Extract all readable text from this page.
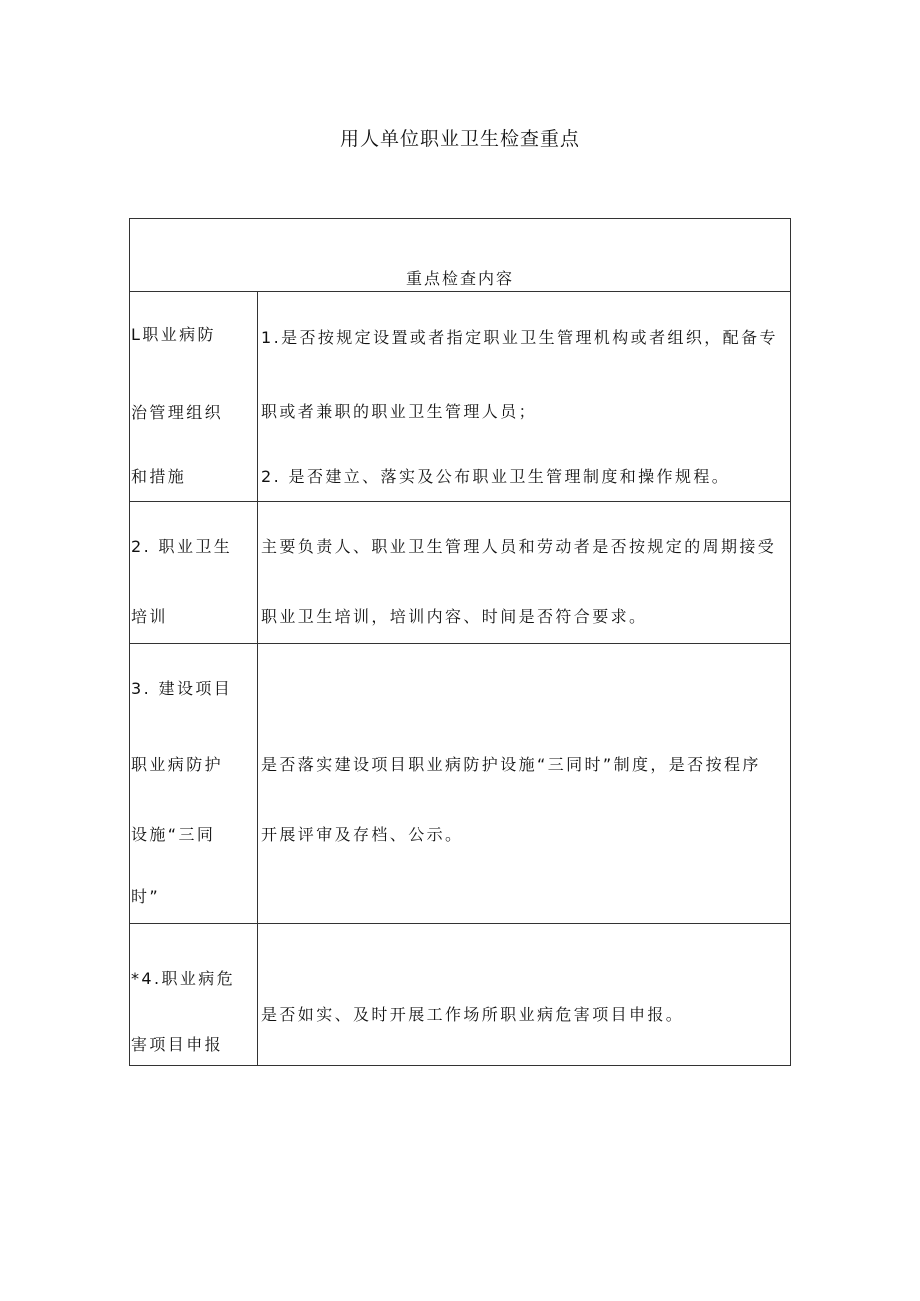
用人单位职业卫生检查重点
重点检查内容
L职业病防
治管理组织
和措施
1.是否按规定设置或者指定职业卫生管理机构或者组织，配备专
职或者兼职的职业卫生管理人员；
2. 是否建立、落实及公布职业卫生管理制度和操作规程。
2. 职业卫生
培训
主要负责人、职业卫生管理人员和劳动者是否按规定的周期接受
职业卫生培训，培训内容、时间是否符合要求。
3. 建设项目
职业病防护
设施“三同
时”
是否落实建设项目职业病防护设施“三同时”制度，是否按程序
开展评审及存档、公示。
*4.职业病危
害项目申报
是否如实、及时开展工作场所职业病危害项目申报。
